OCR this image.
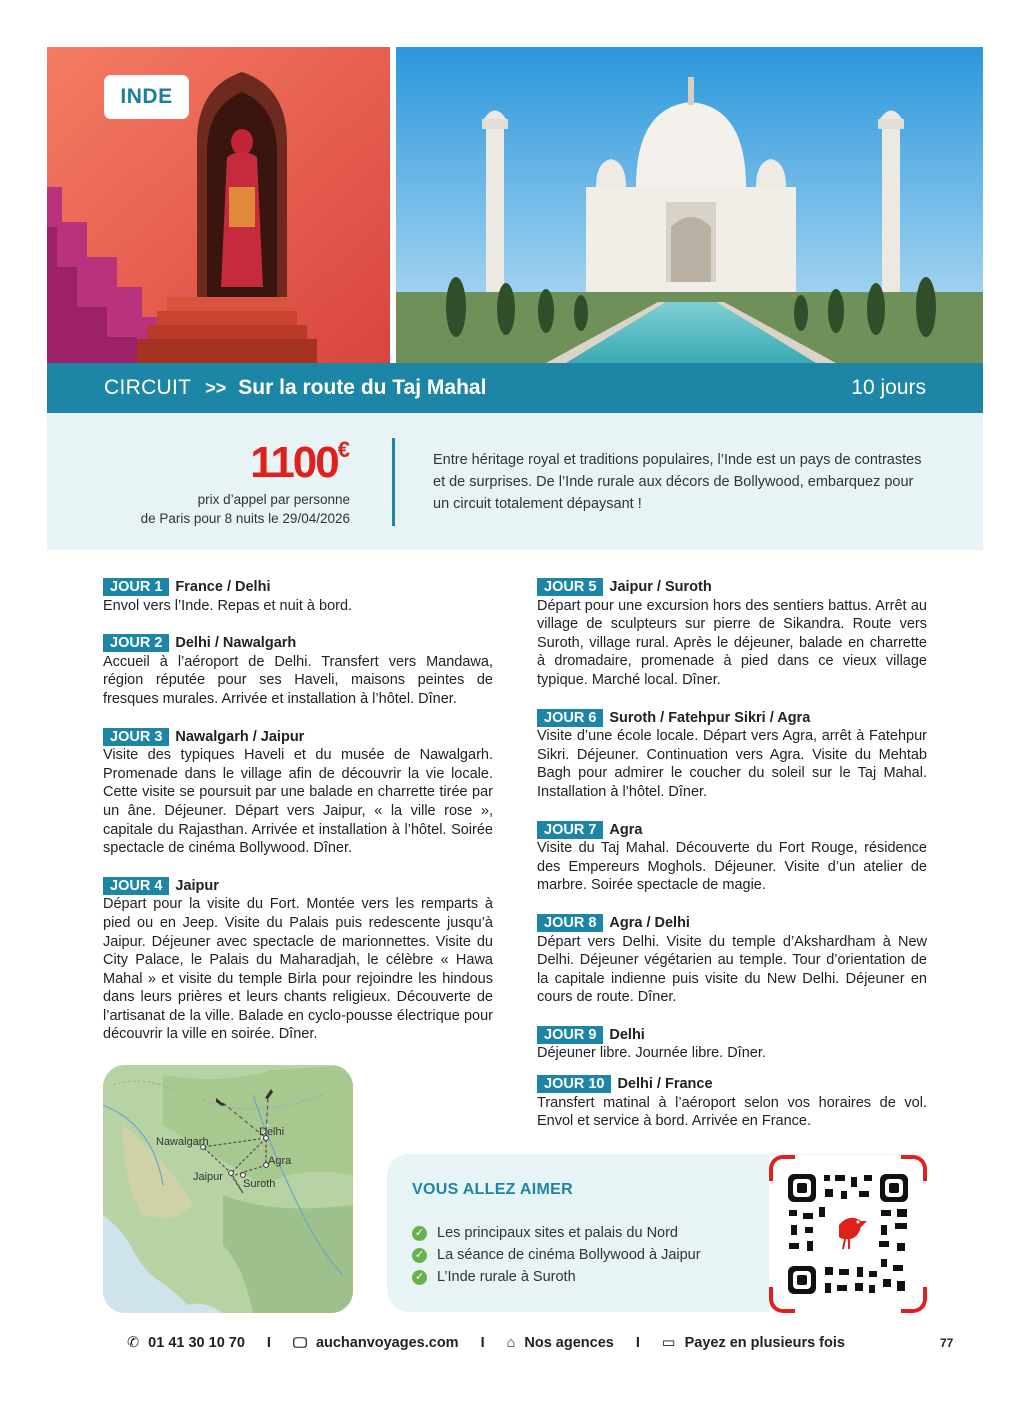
INDE
CIRCUIT >> Sur la route du Taj Mahal	10 jours
1100€
prix d’appel par personne
de Paris pour 8 nuits le 29/04/2026
Entre héritage royal et traditions populaires, l’Inde est un pays de contrastes et de surprises. De l’Inde rurale aux décors de Bollywood, embarquez pour un circuit totalement dépaysant !
JOUR 1 France / Delhi
Envol vers l’Inde. Repas et nuit à bord.
JOUR 2 Delhi / Nawalgarh
Accueil à l’aéroport de Delhi. Transfert vers Mandawa, région réputée pour ses Haveli, maisons peintes de fresques murales. Arrivée et installation à l’hôtel. Dîner.
JOUR 3 Nawalgarh / Jaipur
Visite des typiques Haveli et du musée de Nawalgarh. Promenade dans le village afin de découvrir la vie locale. Cette visite se poursuit par une balade en charrette tirée par un âne. Déjeuner. Départ vers Jaipur, « la ville rose », capitale du Rajasthan. Arrivée et installation à l’hôtel. Soirée spectacle de cinéma Bollywood. Dîner.
JOUR 4 Jaipur
Départ pour la visite du Fort. Montée vers les remparts à pied ou en Jeep. Visite du Palais puis redescente jusqu’à Jaipur. Déjeuner avec spectacle de marionnettes. Visite du City Palace, le Palais du Maharadjah, le célèbre « Hawa Mahal » et visite du temple Birla pour rejoindre les hindous dans leurs prières et leurs chants religieux. Découverte de l’artisanat de la ville. Balade en cyclo-pousse électrique pour découvrir la ville en soirée. Dîner.
JOUR 5 Jaipur / Suroth
Départ pour une excursion hors des sentiers battus. Arrêt au village de sculpteurs sur pierre de Sikandra. Route vers Suroth, village rural. Après le déjeuner, balade en charrette à dromadaire, promenade à pied dans ce vieux village typique. Marché local. Dîner.
JOUR 6 Suroth / Fatehpur Sikri / Agra
Visite d’une école locale. Départ vers Agra, arrêt à Fatehpur Sikri. Déjeuner. Continuation vers Agra. Visite du Mehtab Bagh pour admirer le coucher du soleil sur le Taj Mahal. Installation à l’hôtel. Dîner.
JOUR 7 Agra
Visite du Taj Mahal. Découverte du Fort Rouge, résidence des Empereurs Moghols. Déjeuner. Visite d’un atelier de marbre. Soirée spectacle de magie.
JOUR 8 Agra / Delhi
Départ vers Delhi. Visite du temple d’Akshardham à New Delhi. Déjeuner végétarien au temple. Tour d’orientation de la capitale indienne puis visite du New Delhi. Déjeuner en cours de route. Dîner.
JOUR 9 Delhi
Déjeuner libre. Journée libre. Dîner.
JOUR 10 Delhi / France
Transfert matinal à l’aéroport selon vos horaires de vol. Envol et service à bord. Arrivée en France.
Nawalgarh
Delhi
Agra
Jaipur
Suroth	VOUS ALLEZ AIMER
✓ Les principaux sites et palais du Nord
✓ La séance de cinéma Bollywood à Jaipur
✓ L’Inde rurale à Suroth
✆ 01 41 30 10 70 I 🖵 auchanvoyages.com I ⌂ Nos agences I ▭ Payez en plusieurs fois	77
